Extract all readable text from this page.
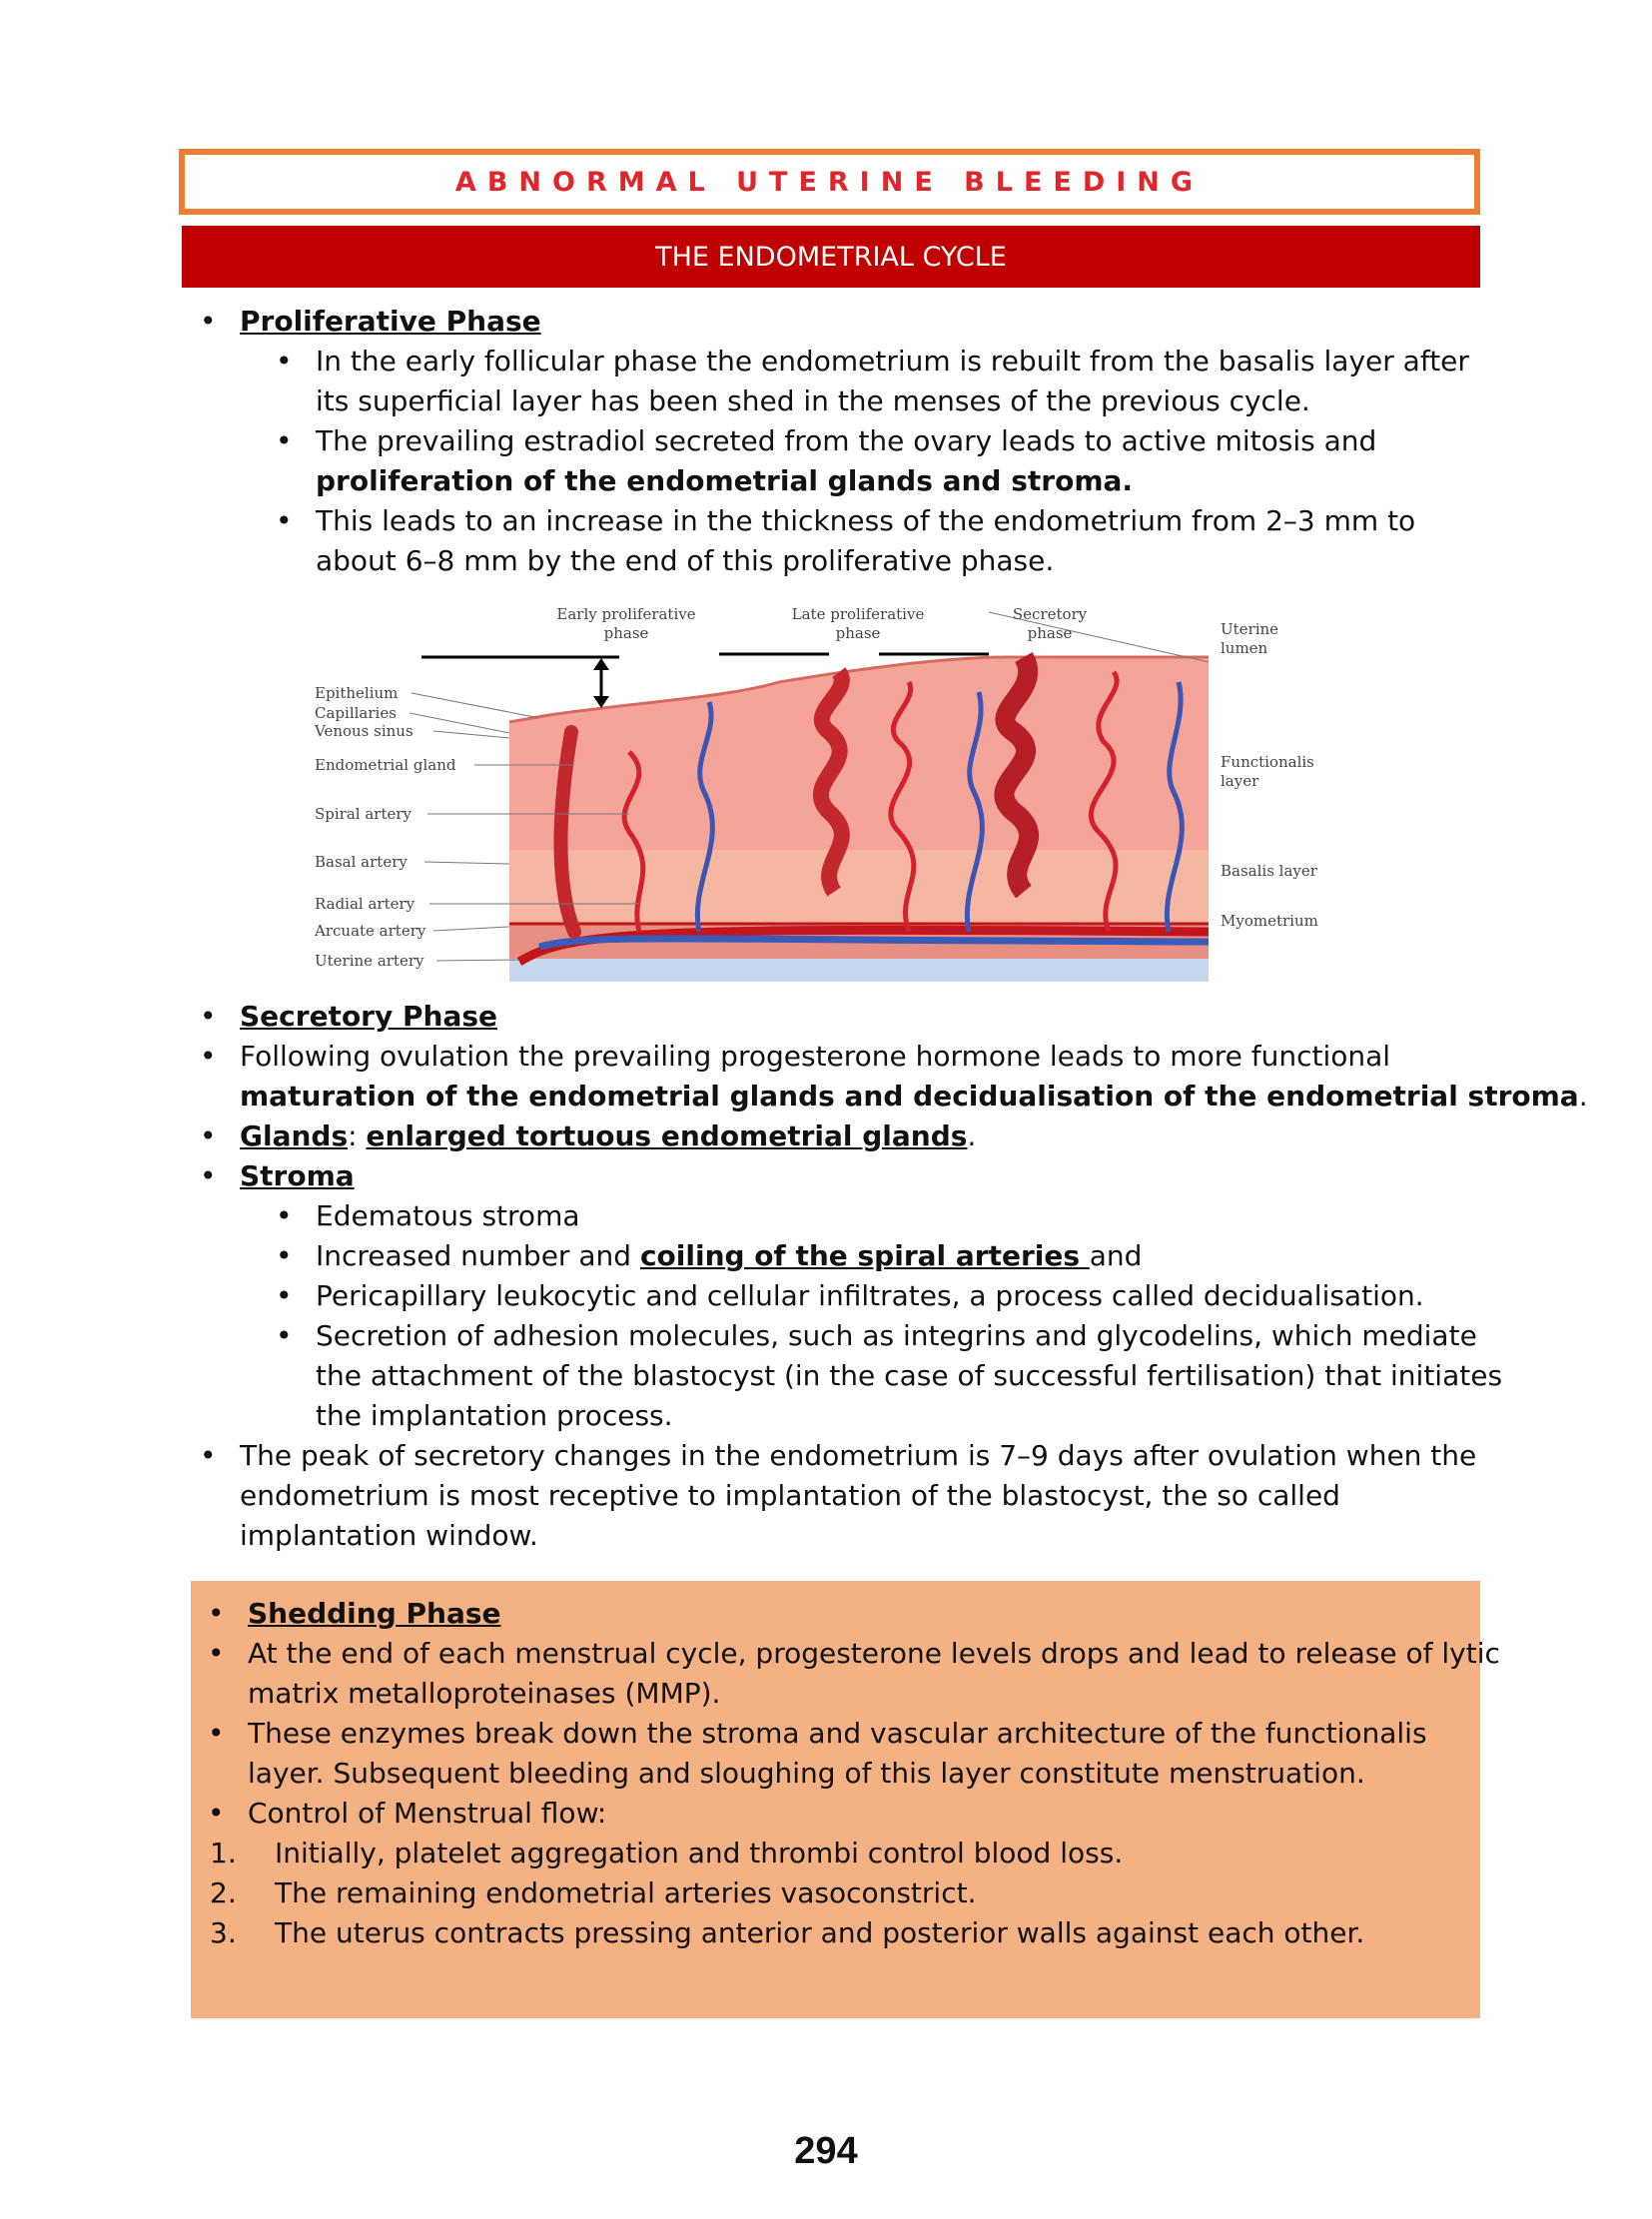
ABNORMAL UTERINE BLEEDING
THE ENDOMETRIAL CYCLE
• Proliferative Phase
• In the early follicular phase the endometrium is rebuilt from the basalis layer after
its superficial layer has been shed in the menses of the previous cycle.
• The prevailing estradiol secreted from the ovary leads to active mitosis and
proliferation of the endometrial glands and stroma.
• This leads to an increase in the thickness of the endometrium from 2–3 mm to
about 6–8 mm by the end of this proliferative phase.
Early proliferative
phase
Late proliferative
phase
Secretory
phase
Epithelium
Capillaries
Venous sinus
Endometrial gland
Spiral artery
Basal artery
Radial artery
Arcuate artery
Uterine artery
Uterine
lumen
Functionalis
layer
Basalis layer
Myometrium
• Secretory Phase
• Following ovulation the prevailing progesterone hormone leads to more functional
maturation of the endometrial glands and decidualisation of the endometrial stroma.
• Glands: enlarged tortuous endometrial glands.
• Stroma
• Edematous stroma
• Increased number and coiling of the spiral arteries and
• Pericapillary leukocytic and cellular infiltrates, a process called decidualisation.
• Secretion of adhesion molecules, such as integrins and glycodelins, which mediate
the attachment of the blastocyst (in the case of successful fertilisation) that initiates
the implantation process.
• The peak of secretory changes in the endometrium is 7–9 days after ovulation when the
endometrium is most receptive to implantation of the blastocyst, the so called
implantation window.
• Shedding Phase
• At the end of each menstrual cycle, progesterone levels drops and lead to release of lytic
matrix metalloproteinases (MMP).
• These enzymes break down the stroma and vascular architecture of the functionalis
layer. Subsequent bleeding and sloughing of this layer constitute menstruation.
• Control of Menstrual flow:
1. Initially, platelet aggregation and thrombi control blood loss.
2. The remaining endometrial arteries vasoconstrict.
3. The uterus contracts pressing anterior and posterior walls against each other.
294
